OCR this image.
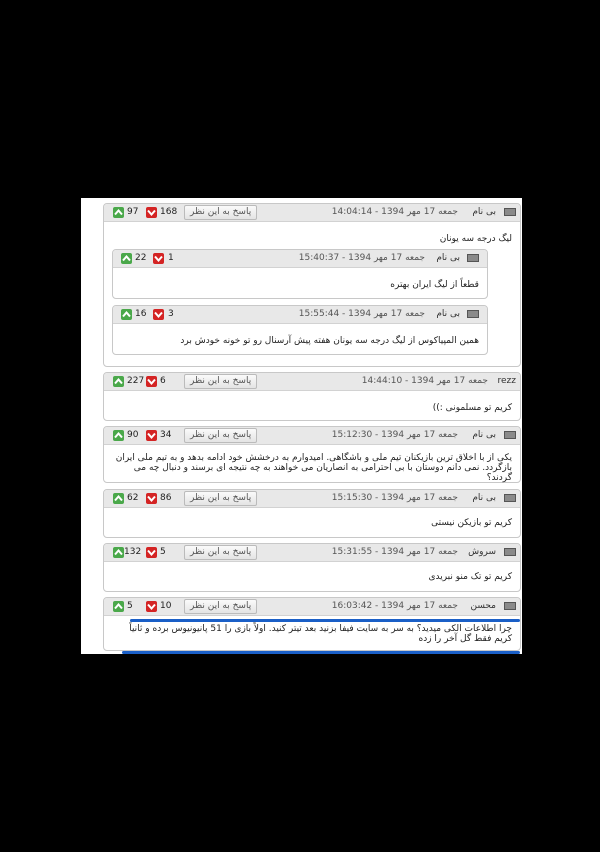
بی نام
جمعه 17 مهر 1394 - 14:04:14
پاسخ به این نظر
168
97
لیگ درجه سه یونان
بی نام
جمعه 17 مهر 1394 - 15:40:37
1
22
قطعاً از لیگ ایران بهتره
بی نام
جمعه 17 مهر 1394 - 15:55:44
3
16
همین المپیاکوس از لیگ درجه سه یونان هفته پیش آرسنال رو تو خونه خودش برد
rezz
جمعه 17 مهر 1394 - 14:44:10
پاسخ به این نظر
6
227
کریم تو مسلمونی :))
بی نام
جمعه 17 مهر 1394 - 15:12:30
پاسخ به این نظر
34
90
یکی از با اخلاق ترین بازیکنان تیم ملی و باشگاهی. امیدوارم به درخشش خود ادامه بدهد و به تیم ملی ایران بازگردد. نمی دانم دوستان با بی احترامی به انصاریان می خواهند به چه نتیجه ای برسند و دنبال چه می گردند؟
بی نام
جمعه 17 مهر 1394 - 15:15:30
پاسخ به این نظر
86
62
کریم تو بازیکن نیستی
سروش
جمعه 17 مهر 1394 - 15:31:55
پاسخ به این نظر
5
132
کریم تو تک منو نبریدی
محسن
جمعه 17 مهر 1394 - 16:03:42
پاسخ به این نظر
10
5
چرا اطلاعات الکی میدید؟ به سر به سایت فیفا بزنید بعد تیتر کنید. اولاً بازی را 51 پانیونیوس برده و ثانیاً کریم فقط گل آخر را زده
